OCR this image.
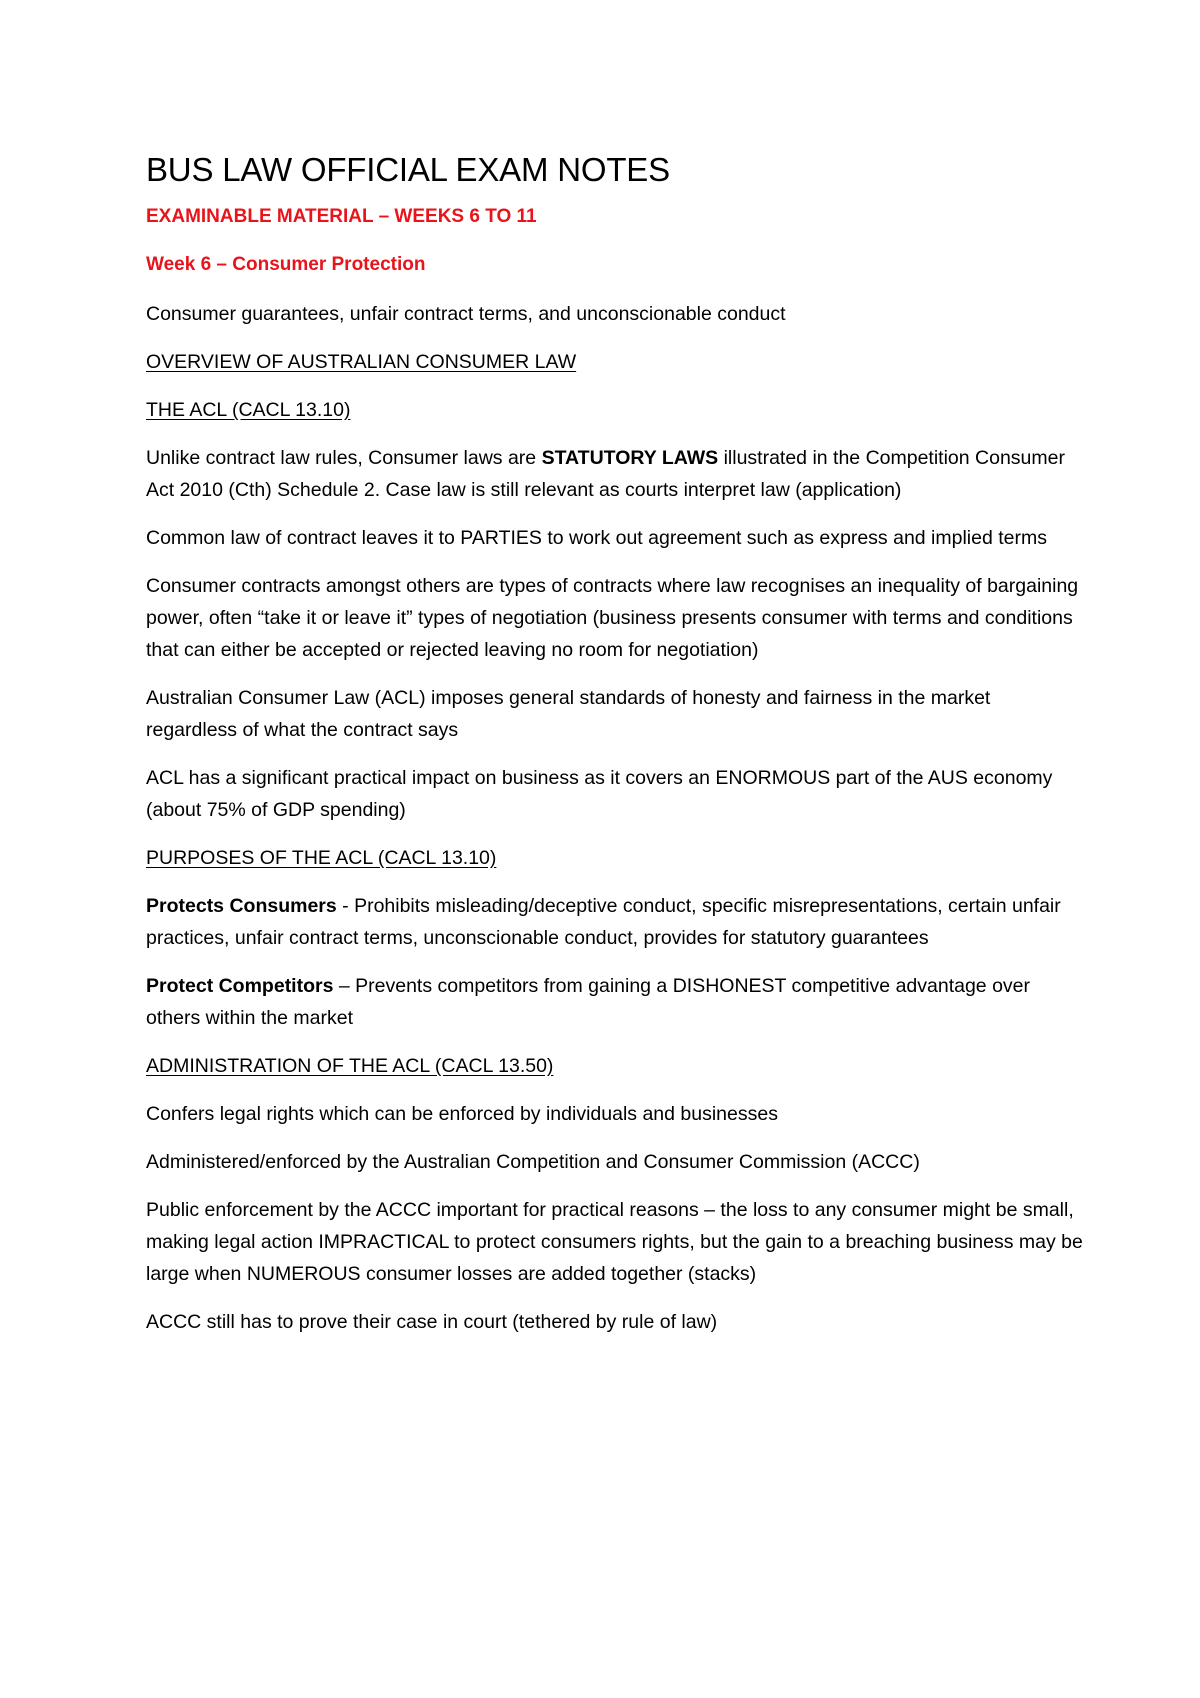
BUS LAW OFFICIAL EXAM NOTES
EXAMINABLE MATERIAL – WEEKS 6 TO 11
Week 6 – Consumer Protection

Consumer guarantees, unfair contract terms, and unconscionable conduct

OVERVIEW OF AUSTRALIAN CONSUMER LAW

THE ACL (CACL 13.10)

Unlike contract law rules, Consumer laws are STATUTORY LAWS illustrated in the Competition Consumer Act 2010 (Cth) Schedule 2. Case law is still relevant as courts interpret law (application)

Common law of contract leaves it to PARTIES to work out agreement such as express and implied terms

Consumer contracts amongst others are types of contracts where law recognises an inequality of bargaining power, often “take it or leave it” types of negotiation (business presents consumer with terms and conditions that can either be accepted or rejected leaving no room for negotiation)

Australian Consumer Law (ACL) imposes general standards of honesty and fairness in the market regardless of what the contract says

ACL has a significant practical impact on business as it covers an ENORMOUS part of the AUS economy (about 75% of GDP spending)

PURPOSES OF THE ACL (CACL 13.10)

Protects Consumers - Prohibits misleading/deceptive conduct, specific misrepresentations, certain unfair practices, unfair contract terms, unconscionable conduct, provides for statutory guarantees

Protect Competitors – Prevents competitors from gaining a DISHONEST competitive advantage over others within the market

ADMINISTRATION OF THE ACL (CACL 13.50)

Confers legal rights which can be enforced by individuals and businesses

Administered/enforced by the Australian Competition and Consumer Commission (ACCC)

Public enforcement by the ACCC important for practical reasons – the loss to any consumer might be small, making legal action IMPRACTICAL to protect consumers rights, but the gain to a breaching business may be large when NUMEROUS consumer losses are added together (stacks)

ACCC still has to prove their case in court (tethered by rule of law)
